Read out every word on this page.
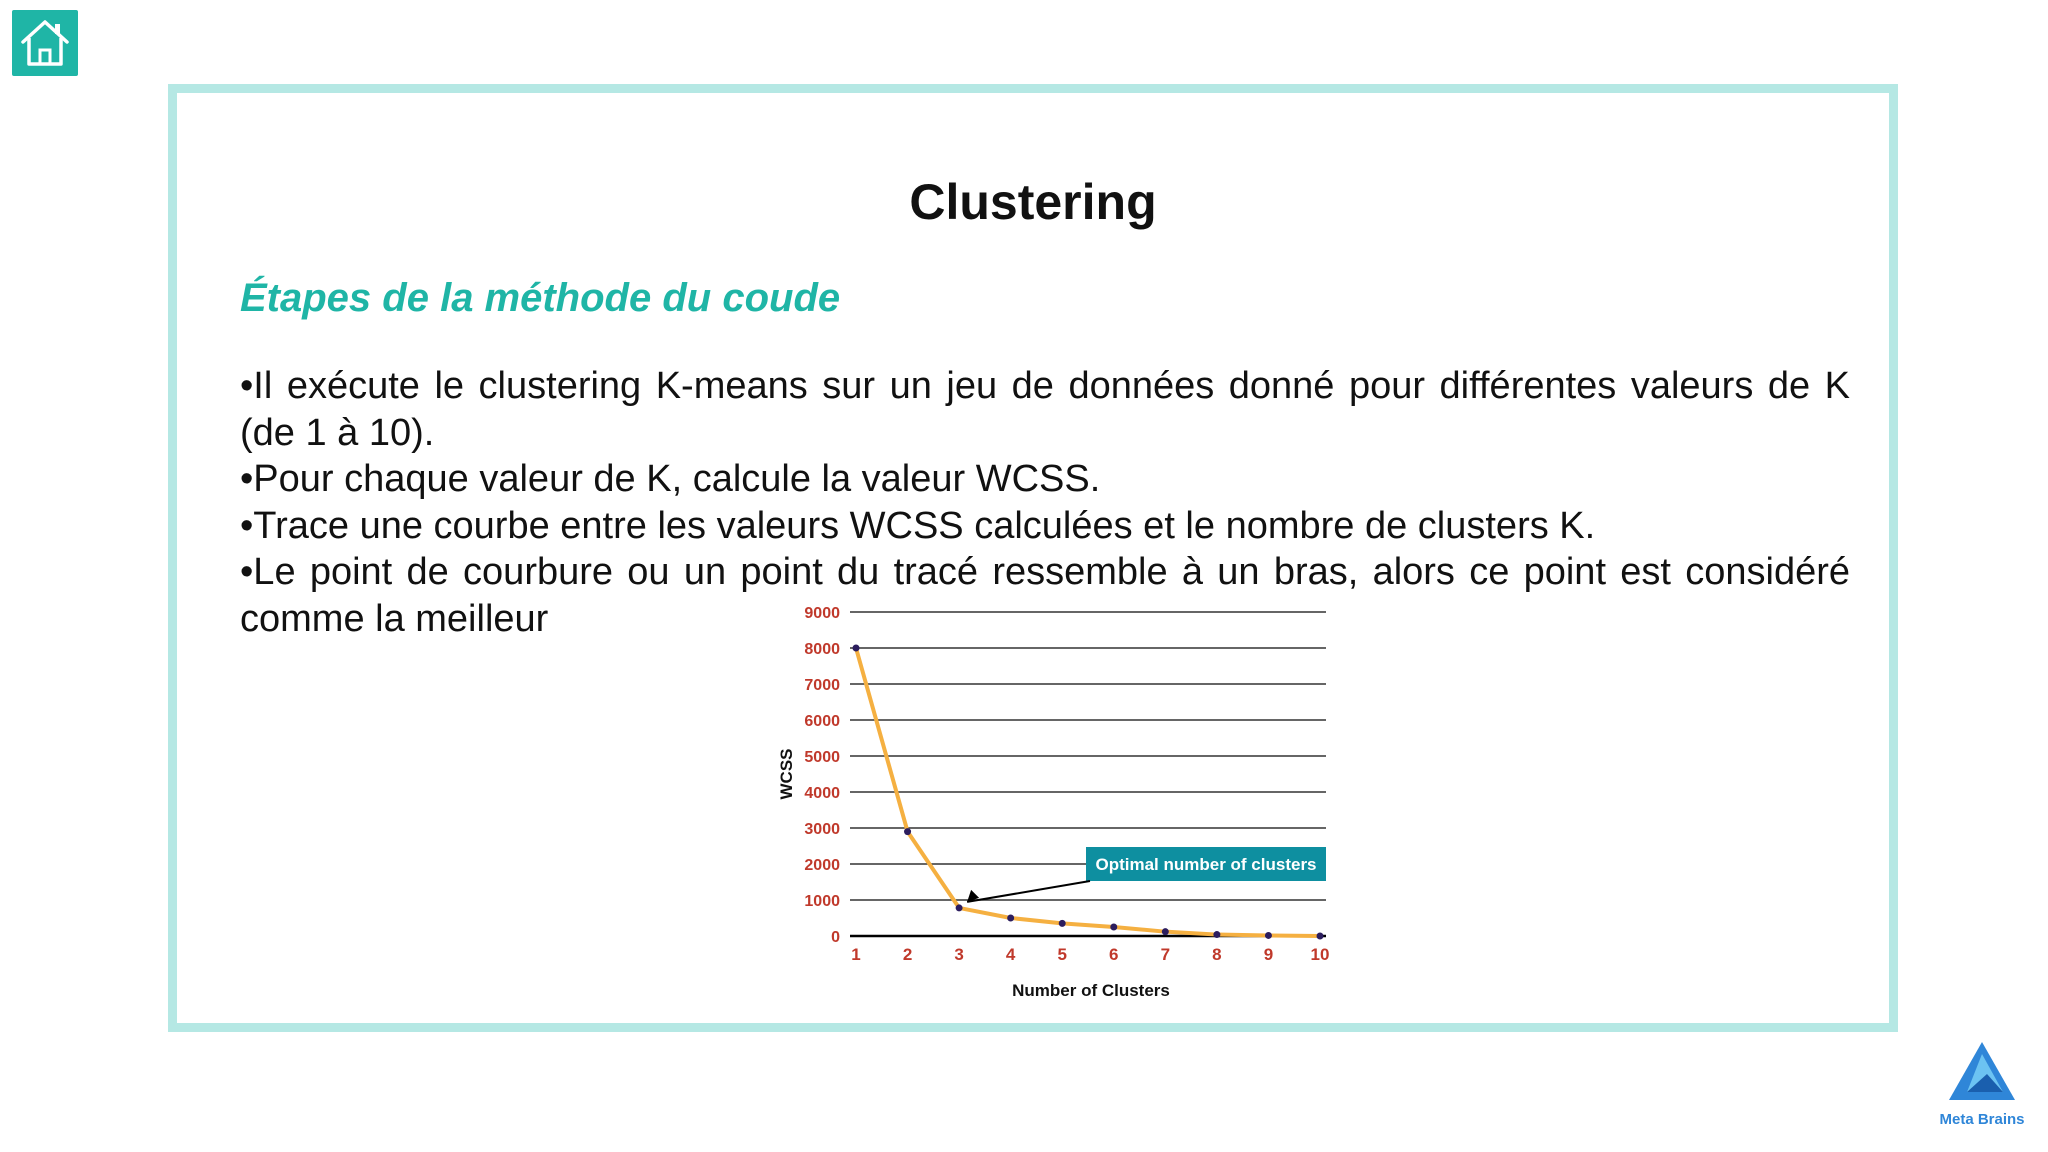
Clustering
Étapes de la méthode du coude

•Il exécute le clustering K-means sur un jeu de données donné pour différentes valeurs de K (de 1 à 10).

•Pour chaque valeur de K, calcule la valeur WCSS.

•Trace une courbe entre les valeurs WCSS calculées et le nombre de clusters K.

•Le point de courbure ou un point du tracé ressemble à un bras, alors ce point est considéré comme la meilleur

0
1000
2000
3000
4000
5000
6000
7000
8000
9000
1 2 3 4 5 6 7 8 9 10
Optimal number of clusters
Number of Clusters
WCSS
Meta Brains
